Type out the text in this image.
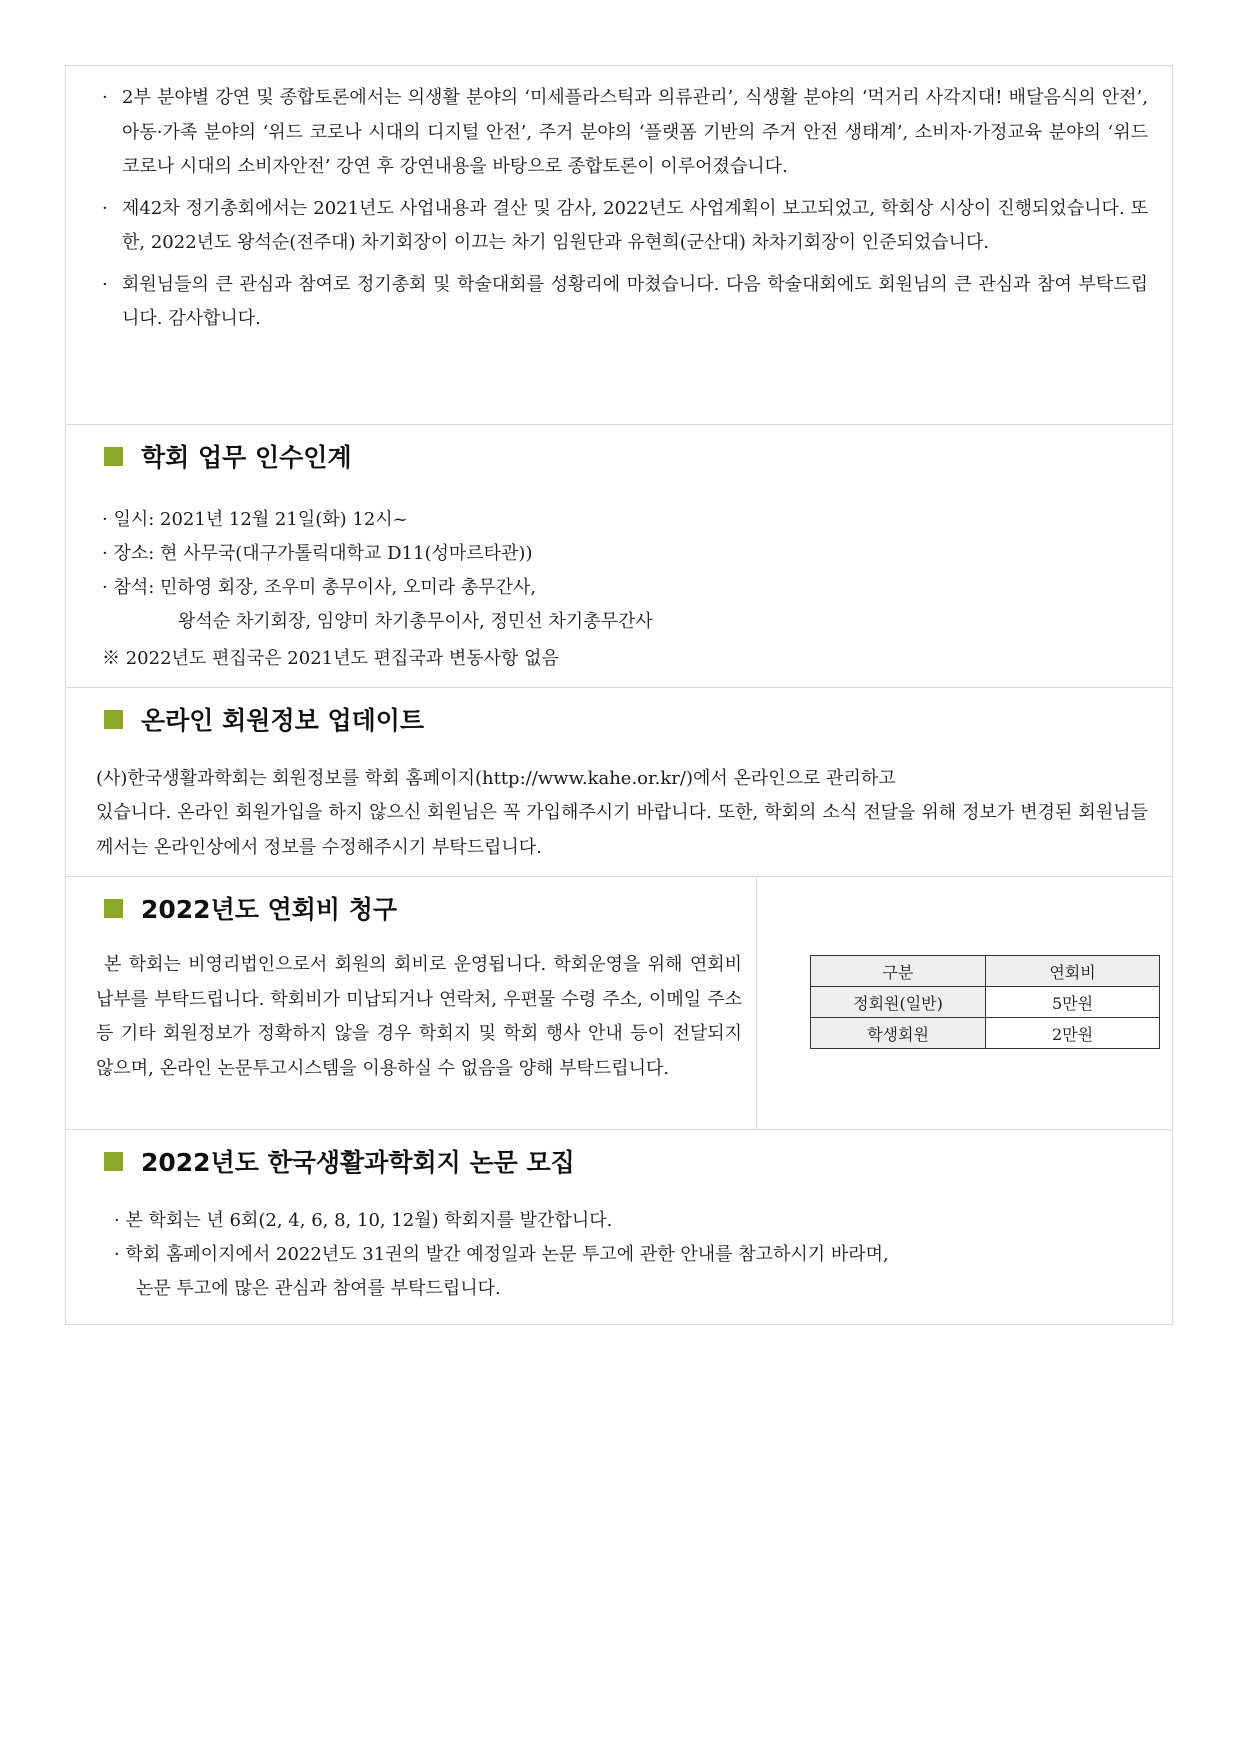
· 2부 분야별 강연 및 종합토론에서는 의생활 분야의 ‘미세플라스틱과 의류관리’, 식생활 분야의 ‘먹거리 사각지대! 배달음식의 안전’, 아동·가족 분야의 ‘위드 코로나 시대의 디지털 안전’, 주거 분야의 ‘플랫폼 기반의 주거 안전 생태계’, 소비자·가정교육 분야의 ‘위드 코로나 시대의 소비자안전’ 강연 후 강연내용을 바탕으로 종합토론이 이루어졌습니다.
· 제42차 정기총회에서는 2021년도 사업내용과 결산 및 감사, 2022년도 사업계획이 보고되었고, 학회상 시상이 진행되었습니다. 또한, 2022년도 왕석순(전주대) 차기회장이 이끄는 차기 임원단과 유현희(군산대) 차차기회장이 인준되었습니다.
· 회원님들의 큰 관심과 참여로 정기총회 및 학술대회를 성황리에 마쳤습니다. 다음 학술대회에도 회원님의 큰 관심과 참여 부탁드립니다. 감사합니다.
학회 업무 인수인계

· 일시: 2021년 12월 21일(화) 12시~

· 장소: 현 사무국(대구가톨릭대학교 D11(성마르타관))

· 참석: 민하영 회장, 조우미 총무이사, 오미라 총무간사,

왕석순 차기회장, 임양미 차기총무이사, 정민선 차기총무간사

※ 2022년도 편집국은 2021년도 편집국과 변동사항 없음

온라인 회원정보 업데이트

(사)한국생활과학회는 회원정보를 학회 홈페이지(http://www.kahe.or.kr/)에서 온라인으로 관리하고

있습니다. 온라인 회원가입을 하지 않으신 회원님은 꼭 가입해주시기 바랍니다. 또한, 학회의 소식 전달을 위해 정보가 변경된 회원님들께서는 온라인상에서 정보를 수정해주시기 부탁드립니다.

2022년도 연회비 청구

본 학회는 비영리법인으로서 회원의 회비로 운영됩니다. 학회운영을 위해 연회비 납부를 부탁드립니다. 학회비가 미납되거나 연락처, 우편물 수령 주소, 이메일 주소 등 기타 회원정보가 정확하지 않을 경우 학회지 및 학회 행사 안내 등이 전달되지 않으며, 온라인 논문투고시스템을 이용하실 수 없음을 양해 부탁드립니다.

구분	연회비
정회원(일반)	5만원
학생회원	2만원
2022년도 한국생활과학회지 논문 모집

· 본 학회는 년 6회(2, 4, 6, 8, 10, 12월) 학회지를 발간합니다.

· 학회 홈페이지에서 2022년도 31권의 발간 예정일과 논문 투고에 관한 안내를 참고하시기 바라며,

논문 투고에 많은 관심과 참여를 부탁드립니다.
